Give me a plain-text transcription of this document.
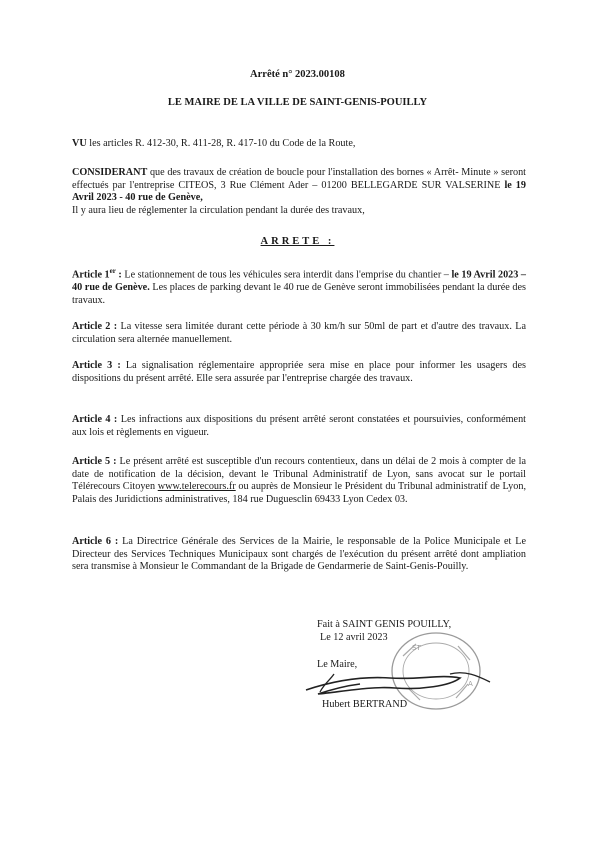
Arrêté n° 2023.00108
LE MAIRE DE LA VILLE DE SAINT-GENIS-POUILLY
VU les articles R. 412-30, R. 411-28, R. 417-10 du Code de la Route,
CONSIDERANT que des travaux de création de boucle pour l'installation des bornes « Arrêt- Minute » seront effectués par l'entreprise CITEOS, 3 Rue Clément Ader – 01200 BELLEGARDE SUR VALSERINE le 19 Avril 2023 - 40 rue de Genève,
Il y aura lieu de réglementer la circulation pendant la durée des travaux,
ARRETE :
Article 1er : Le stationnement de tous les véhicules sera interdit dans l'emprise du chantier – le 19 Avril 2023 – 40 rue de Genève. Les places de parking devant le 40 rue de Genève seront immobilisées pendant la durée des travaux.
Article 2 : La vitesse sera limitée durant cette période à 30 km/h sur 50ml de part et d'autre des travaux. La circulation sera alternée manuellement.
Article 3 : La signalisation réglementaire appropriée sera mise en place pour informer les usagers des dispositions du présent arrêté. Elle sera assurée par l'entreprise chargée des travaux.
Article 4 : Les infractions aux dispositions du présent arrêté seront constatées et poursuivies, conformément aux lois et règlements en vigueur.
Article 5 : Le présent arrêté est susceptible d'un recours contentieux, dans un délai de 2 mois à compter de la date de notification de la décision, devant le Tribunal Administratif de Lyon, sans avocat sur le portail Télérecours Citoyen www.telerecours.fr ou auprès de Monsieur le Président du Tribunal administratif de Lyon, Palais des Juridictions administratives, 184 rue Duguesclin 69433 Lyon Cedex 03.
Article 6 : La Directrice Générale des Services de la Mairie, le responsable de la Police Municipale et Le Directeur des Services Techniques Municipaux sont chargés de l'exécution du présent arrêté dont ampliation sera transmise à Monsieur le Commandant de la Brigade de Gendarmerie de Saint-Genis-Pouilly.
Fait à SAINT GENIS POUILLY,
Le 12 avril 2023
Le Maire,
ST
A
Hubert BERTRAND
